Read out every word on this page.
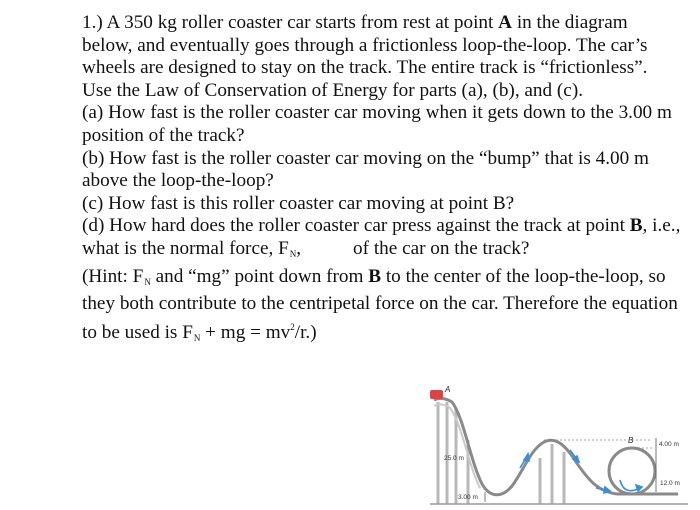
1.) A 350 kg roller coaster car starts from rest at point A in the diagram below, and eventually goes through a frictionless loop-the-loop. The car’s wheels are designed to stay on the track. The entire track is “frictionless”. Use the Law of Conservation of Energy for parts (a), (b), and (c).

(a) How fast is the roller coaster car moving when it gets down to the 3.00 m position of the track?

(b) How fast is the roller coaster car moving on the “bump” that is 4.00 m above the loop-the-loop?

(c) How fast is this roller coaster car moving at point B?

(d) How hard does the roller coaster car press against the track at point B, i.e., what is the normal force, $F_N$,	of the car on the track?

(Hint: $F_N$ and “mg” point down from B to the center of the loop-the-loop, so they both contribute to the centripetal force on the car. Therefore the equation to be used is $F_N$ + mg = $mv^2/r$.)

A
B
25.0 m
4.00 m
12.0 m
3.00 m
